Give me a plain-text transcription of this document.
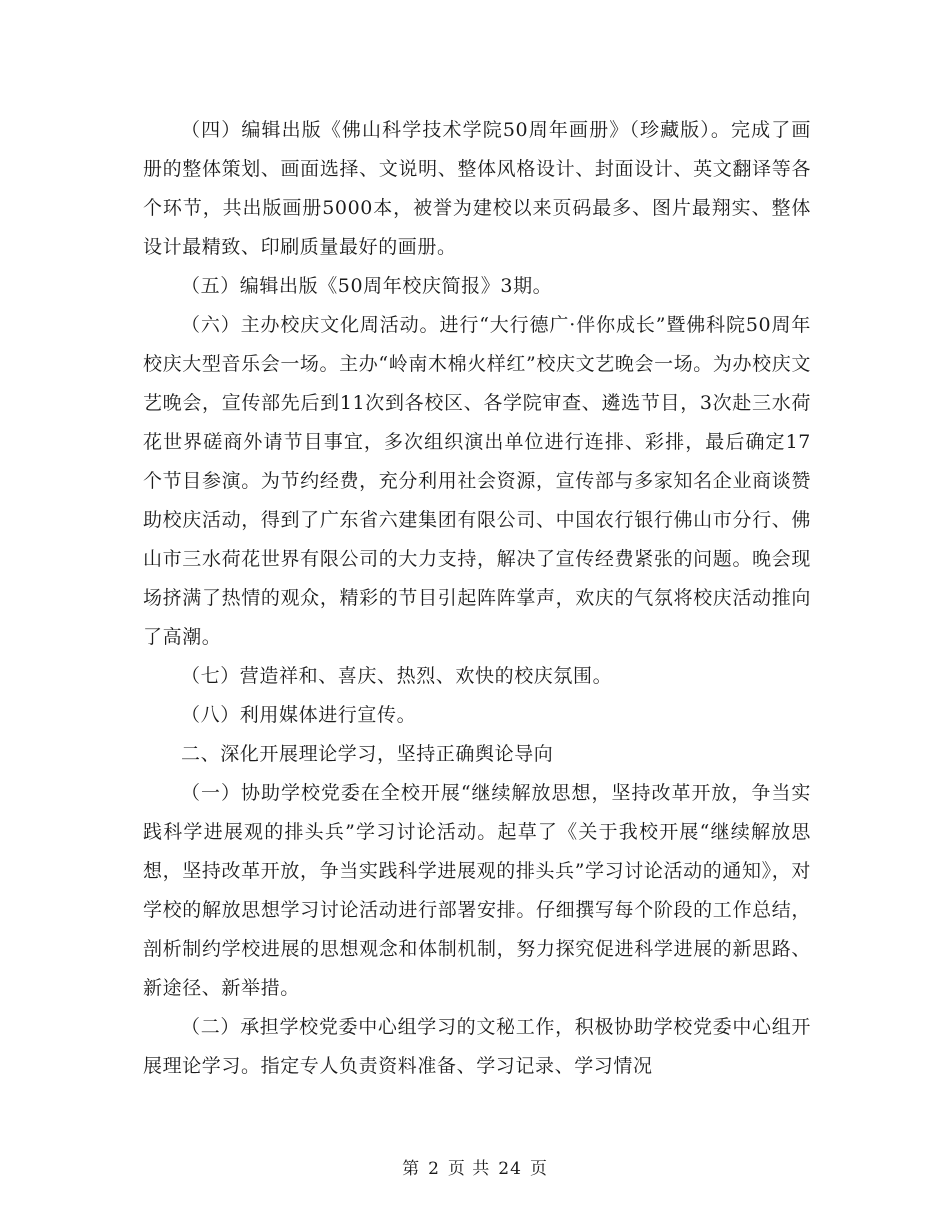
（四）编辑出版《佛山科学技术学院50周年画册》（珍藏版）。完成了画册的整体策划、画面选择、文说明、整体风格设计、封面设计、英文翻译等各个环节，共出版画册5000本，被誉为建校以来页码最多、图片最翔实、整体设计最精致、印刷质量最好的画册。

（五）编辑出版《50周年校庆简报》3期。

（六）主办校庆文化周活动。进行“大行德广·伴你成长”暨佛科院50周年校庆大型音乐会一场。主办“岭南木棉火样红”校庆文艺晚会一场。为办校庆文艺晚会，宣传部先后到11次到各校区、各学院审查、遴选节目，3次赴三水荷花世界磋商外请节目事宜，多次组织演出单位进行连排、彩排，最后确定17个节目参演。为节约经费，充分利用社会资源，宣传部与多家知名企业商谈赞助校庆活动，得到了广东省六建集团有限公司、中国农行银行佛山市分行、佛山市三水荷花世界有限公司的大力支持，解决了宣传经费紧张的问题。晚会现场挤满了热情的观众，精彩的节目引起阵阵掌声，欢庆的气氛将校庆活动推向了高潮。

（七）营造祥和、喜庆、热烈、欢快的校庆氛围。

（八）利用媒体进行宣传。

二、深化开展理论学习，坚持正确舆论导向

（一）协助学校党委在全校开展“继续解放思想，坚持改革开放，争当实践科学进展观的排头兵”学习讨论活动。起草了《关于我校开展“继续解放思想，坚持改革开放，争当实践科学进展观的排头兵”学习讨论活动的通知》，对学校的解放思想学习讨论活动进行部署安排。仔细撰写每个阶段的工作总结，剖析制约学校进展的思想观念和体制机制，努力探究促进科学进展的新思路、新途径、新举措。

（二）承担学校党委中心组学习的文秘工作，积极协助学校党委中心组开展理论学习。指定专人负责资料准备、学习记录、学习情况

第 2 页 共 24 页
